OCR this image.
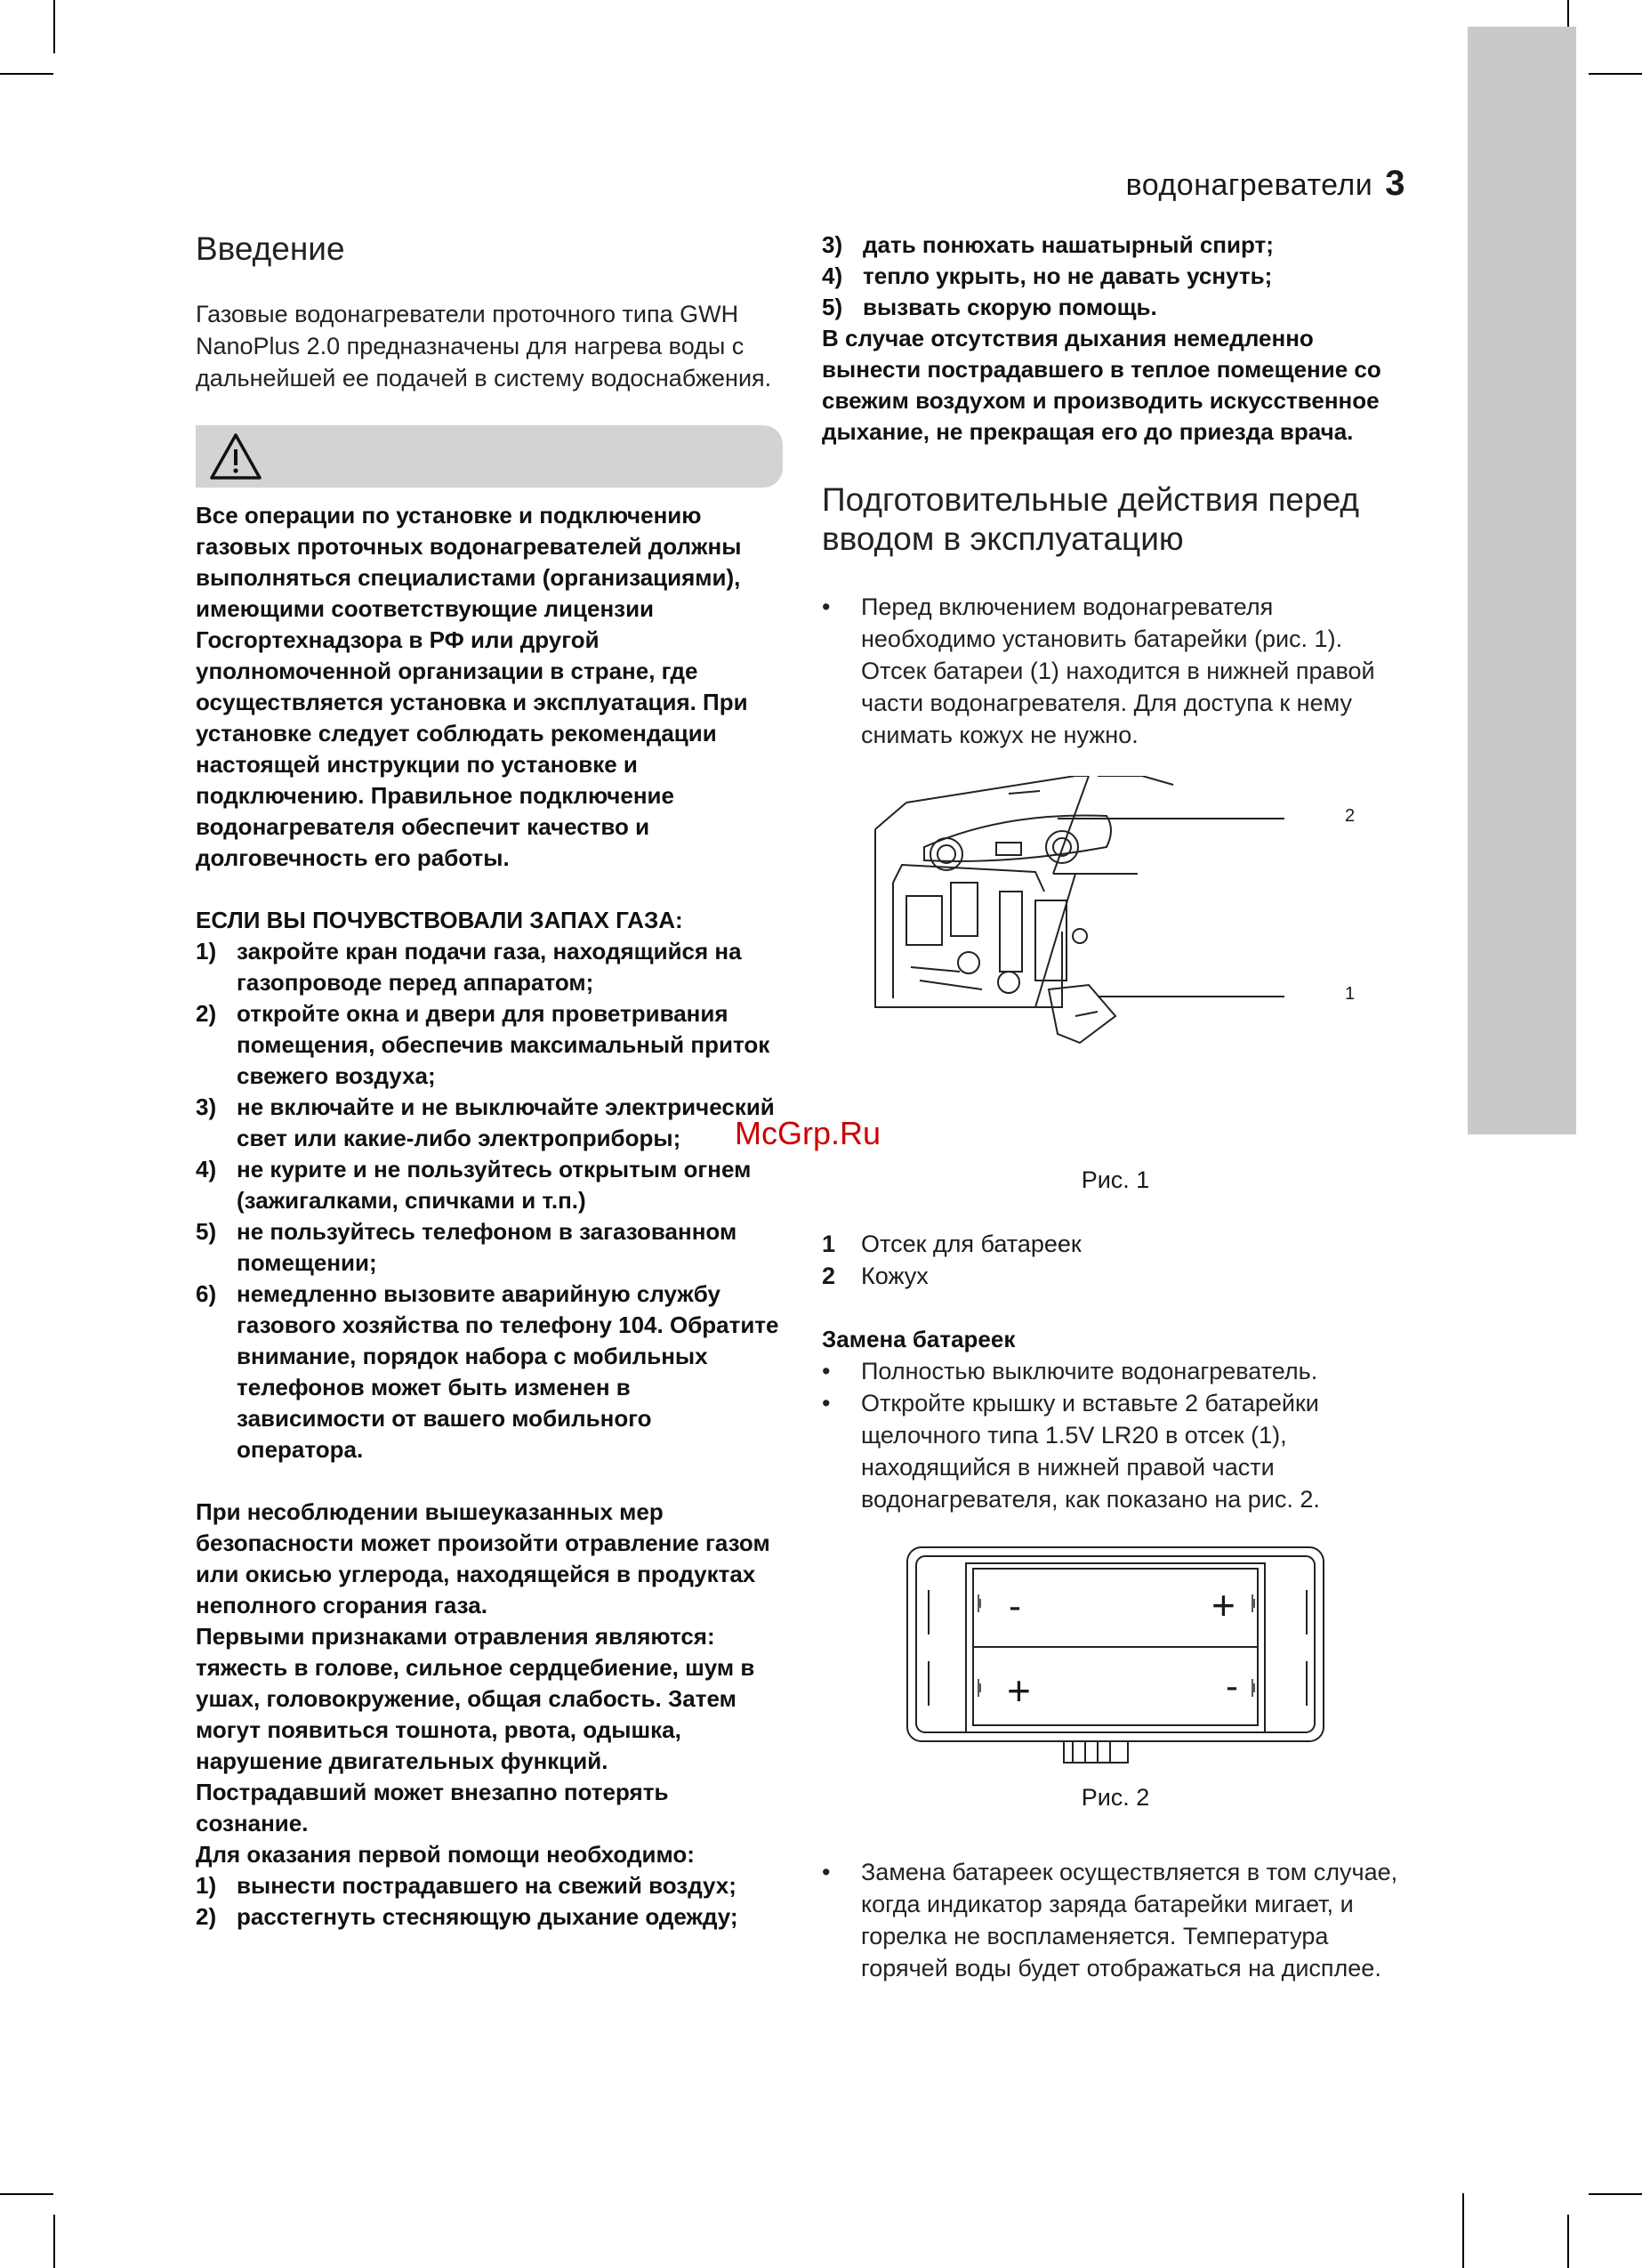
водонагреватели 3
Введение

Газовые водонагреватели проточного типа GWH NanoPlus 2.0 предназначены для нагрева воды с дальнейшей ее подачей в систему водоснабжения.

Все операции по установке и подключению газовых проточных водонагревателей должны выполняться специалистами (организациями), имеющими соответствующие лицензии Госгортехнадзора в РФ или другой уполномоченной организации в стране, где осуществляется установка и эксплуатация. При установке следует соблюдать рекомендации настоящей инструкции по установке и подключению. Правильное подключение водонагревателя обеспечит качество и долговечность его работы.

ЕСЛИ ВЫ ПОЧУВСТВОВАЛИ ЗАПАХ ГАЗА:

1) закройте кран подачи газа, находящийся на газопроводе перед аппаратом;
2) откройте окна и двери для проветривания помещения, обеспечив максимальный приток свежего воздуха;
3) не включайте и не выключайте электрический свет или какие-либо электроприборы;
4) не курите и не пользуйтесь открытым огнем (зажигалками, спичками и т.п.)
5) не пользуйтесь телефоном в загазованном помещении;
6) немедленно вызовите аварийную службу газового хозяйства по телефону 104. Обратите внимание, порядок набора с мобильных телефонов может быть изменен в зависимости от вашего мобильного оператора.

При несоблюдении вышеуказанных мер безопасности может произойти отравление газом или окисью углерода, находящейся в продуктах неполного сгорания газа.

Первыми признаками отравления являются: тяжесть в голове, сильное сердцебиение, шум в ушах, головокружение, общая слабость. Затем могут появиться тошнота, рвота, одышка, нарушение двигательных функций. Пострадавший может внезапно потерять сознание.

Для оказания первой помощи необходимо:

1) вынести пострадавшего на свежий воздух;
2) расстегнуть стесняющую дыхание одежду;
3) дать понюхать нашатырный спирт;
4) тепло укрыть, но не давать уснуть;
5) вызвать скорую помощь.

В случае отсутствия дыхания немедленно вынести пострадавшего в теплое помещение со свежим воздухом и производить искусственное дыхание, не прекращая его до приезда врача.

Подготовительные действия перед вводом в эксплуатацию
•	Перед включением водонагревателя необходимо установить батарейки (рис. 1). Отсек батареи (1) находится в нижней правой части водонагревателя. Для доступа к нему снимать кожух не нужно.
2
1

Рис. 1

1	Отсек для батареек
2	Кожух

Замена батареек

•	Полностью выключите водонагреватель.
•	Откройте крышку и вставьте 2 батарейки щелочного типа 1.5V LR20 в отсек (1), находящийся в нижней правой части водонагревателя, как показано на рис. 2.
-	+
+	-

Рис. 2

•	Замена батареек осуществляется в том случае, когда индикатор заряда батарейки мигает, и горелка не воспламеняется. Температура горячей воды будет отображаться на дисплее.
McGrp.Ru
